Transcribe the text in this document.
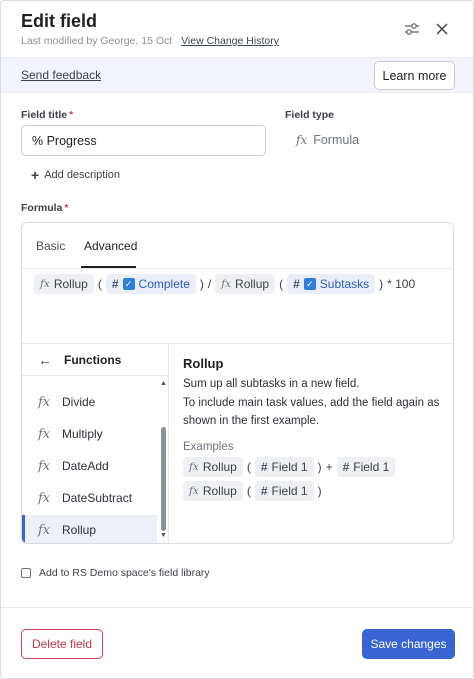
Edit field
Last modified by George, 15 Oct View Change History
Send feedback	Learn more
Field title *
% Progress
Field type
fx Formula
+ Add description
Formula *
Basic Advanced
fx Rollup ( # ✓ Complete ) / fx Rollup ( # ✓ Subtasks ) * 100
← Functions
fx Divide
fx Multiply
fx DateAdd
fx DateSubtract
fx Rollup
▲
▼
Rollup
Sum up all subtasks in a new field.
To include main task values, add the field again as shown in the first example.
Examples
fx Rollup ( # Field 1 ) + # Field 1
fx Rollup ( # Field 1 )
Add to RS Demo space's field library
Delete field	Save changes
